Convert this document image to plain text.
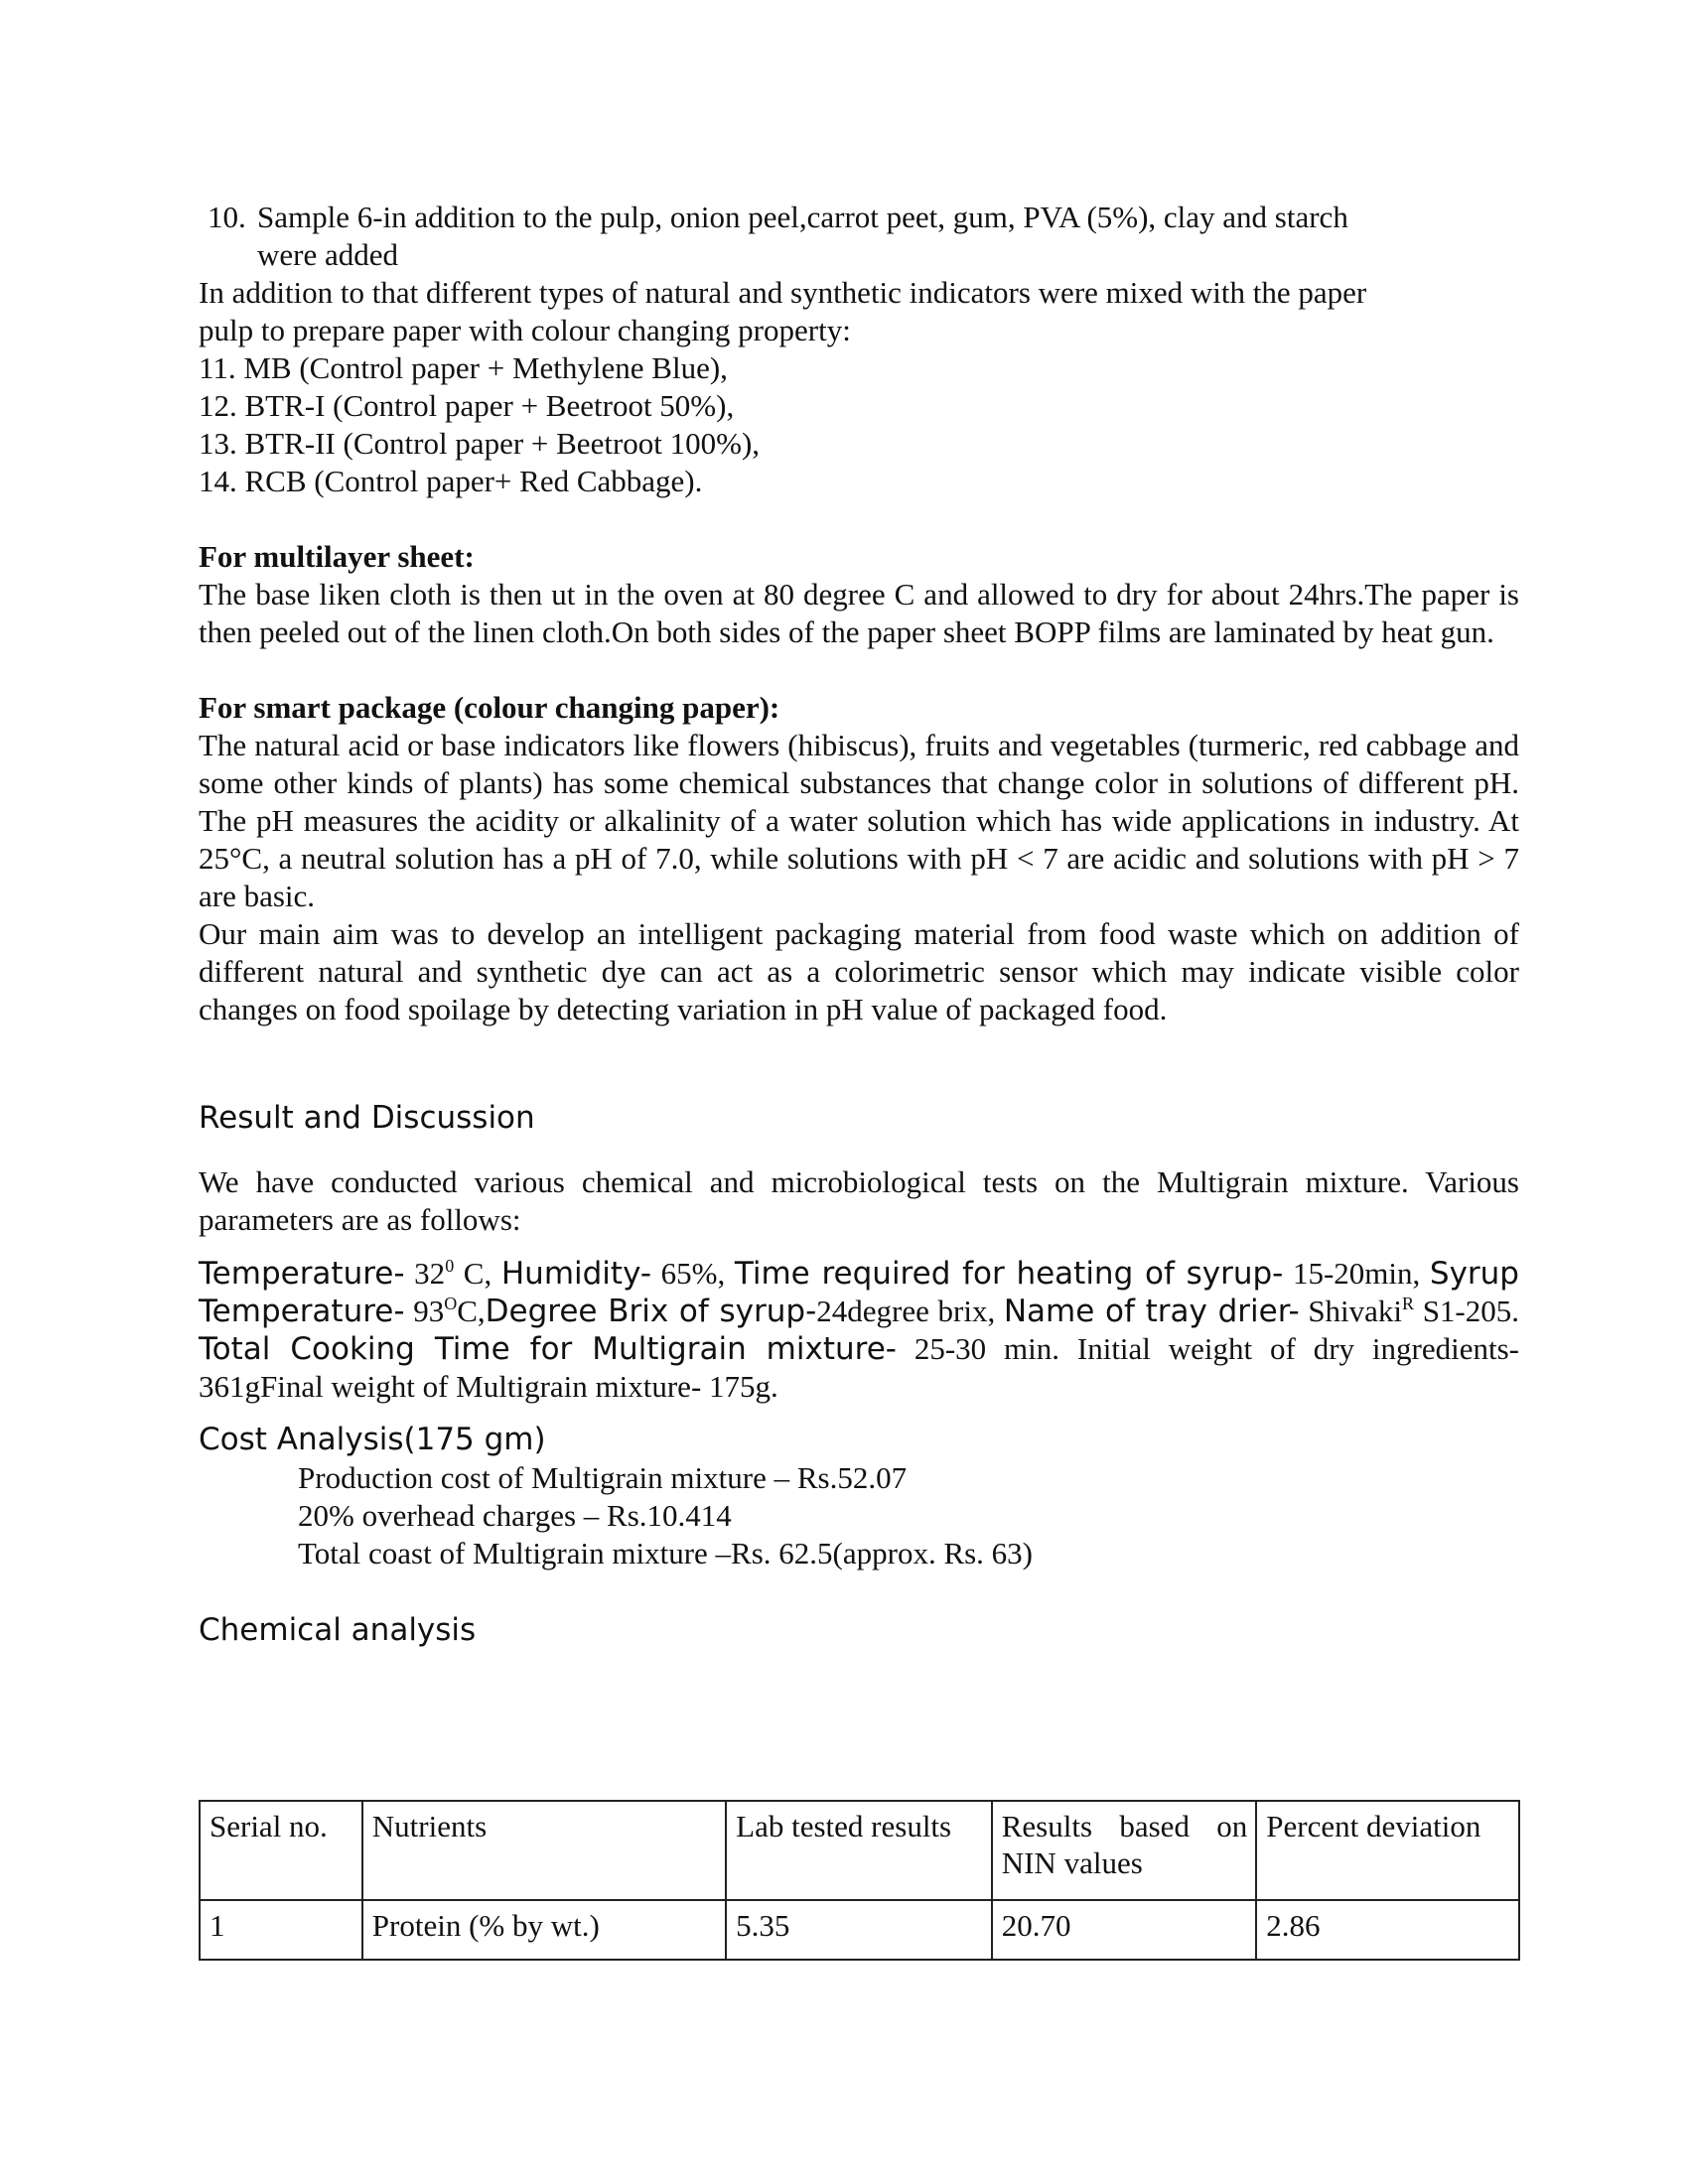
10. Sample 6-in addition to the pulp, onion peel,carrot peet, gum, PVA (5%), clay and starch
were added
In addition to that different types of natural and synthetic indicators were mixed with the paper
pulp to prepare paper with colour changing property:
11. MB (Control paper + Methylene Blue),
12. BTR-I (Control paper + Beetroot 50%),
13. BTR-II (Control paper + Beetroot 100%),
14. RCB (Control paper+ Red Cabbage).
For multilayer sheet:
The base liken cloth is then ut in the oven at 80 degree C and allowed to dry for about 24hrs.The paper is then peeled out of the linen cloth.On both sides of the paper sheet BOPP films are laminated by heat gun.
For smart package (colour changing paper):
The natural acid or base indicators like flowers (hibiscus), fruits and vegetables (turmeric, red cabbage and some other kinds of plants) has some chemical substances that change color in solutions of different pH. The pH measures the acidity or alkalinity of a water solution which has wide applications in industry. At 25°C, a neutral solution has a pH of 7.0, while solutions with pH < 7 are acidic and solutions with pH > 7 are basic.
Our main aim was to develop an intelligent packaging material from food waste which on addition of different natural and synthetic dye can act as a colorimetric sensor which may indicate visible color changes on food spoilage by detecting variation in pH value of packaged food.
Result and Discussion
We have conducted various chemical and microbiological tests on the Multigrain mixture. Various parameters are as follows:
Temperature- $32^0$ C, Humidity- 65%, Time required for heating of syrup- 15-20min, Syrup Temperature- $93^OC,Degree$ Brix of syrup-24degree brix, Name of tray drier- Shivaki$^R$ S1-205. Total Cooking Time for Multigrain mixture- 25-30 min. Initial weight of dry ingredients-361gFinal weight of Multigrain mixture- 175g.
Cost Analysis(175 gm)
Production cost of Multigrain mixture – Rs.52.07
20% overhead charges – Rs.10.414
Total coast of Multigrain mixture –Rs. 62.5(approx. Rs. 63)
Chemical analysis
Serial no.	Nutrients	Lab tested results	Results based on NIN values	Percent deviation
1	Protein (% by wt.)	5.35	20.70	2.86
